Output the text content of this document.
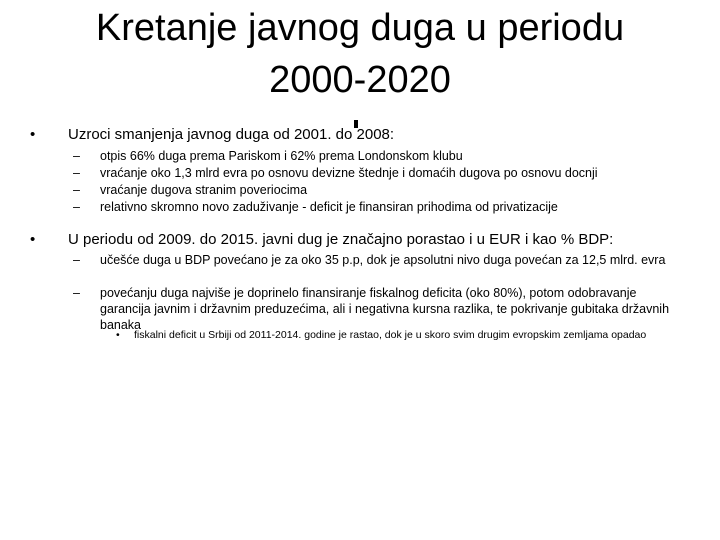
Kretanje javnog duga u periodu
2000-2020
•	Uzroci smanjenja javnog duga od 2001. do 2008:
– otpis 66% duga prema Pariskom i 62% prema Londonskom klubu
– vraćanje oko 1,3 mlrd evra po osnovu devizne štednje i domaćih dugova po osnovu docnji
– vraćanje dugova stranim poveriocima
– relativno skromno novo zaduživanje - deficit je finansiran prihodima od privatizacije
•	U periodu od 2009. do 2015. javni dug je značajno porastao i u EUR i kao % BDP:
– učešće duga u BDP povećano je za oko 35 p.p, dok je apsolutni nivo duga povećan za 12,5 mlrd. evra
– povećanju duga najviše je doprinelo finansiranje fiskalnog deficita (oko 80%), potom odobravanje garancija javnim i državnim preduzećima, ali i negativna kursna razlika, te pokrivanje gubitaka državnih banaka
• fiskalni deficit u Srbiji od 2011-2014. godine je rastao, dok je u skoro svim drugim evropskim zemljama opadao
